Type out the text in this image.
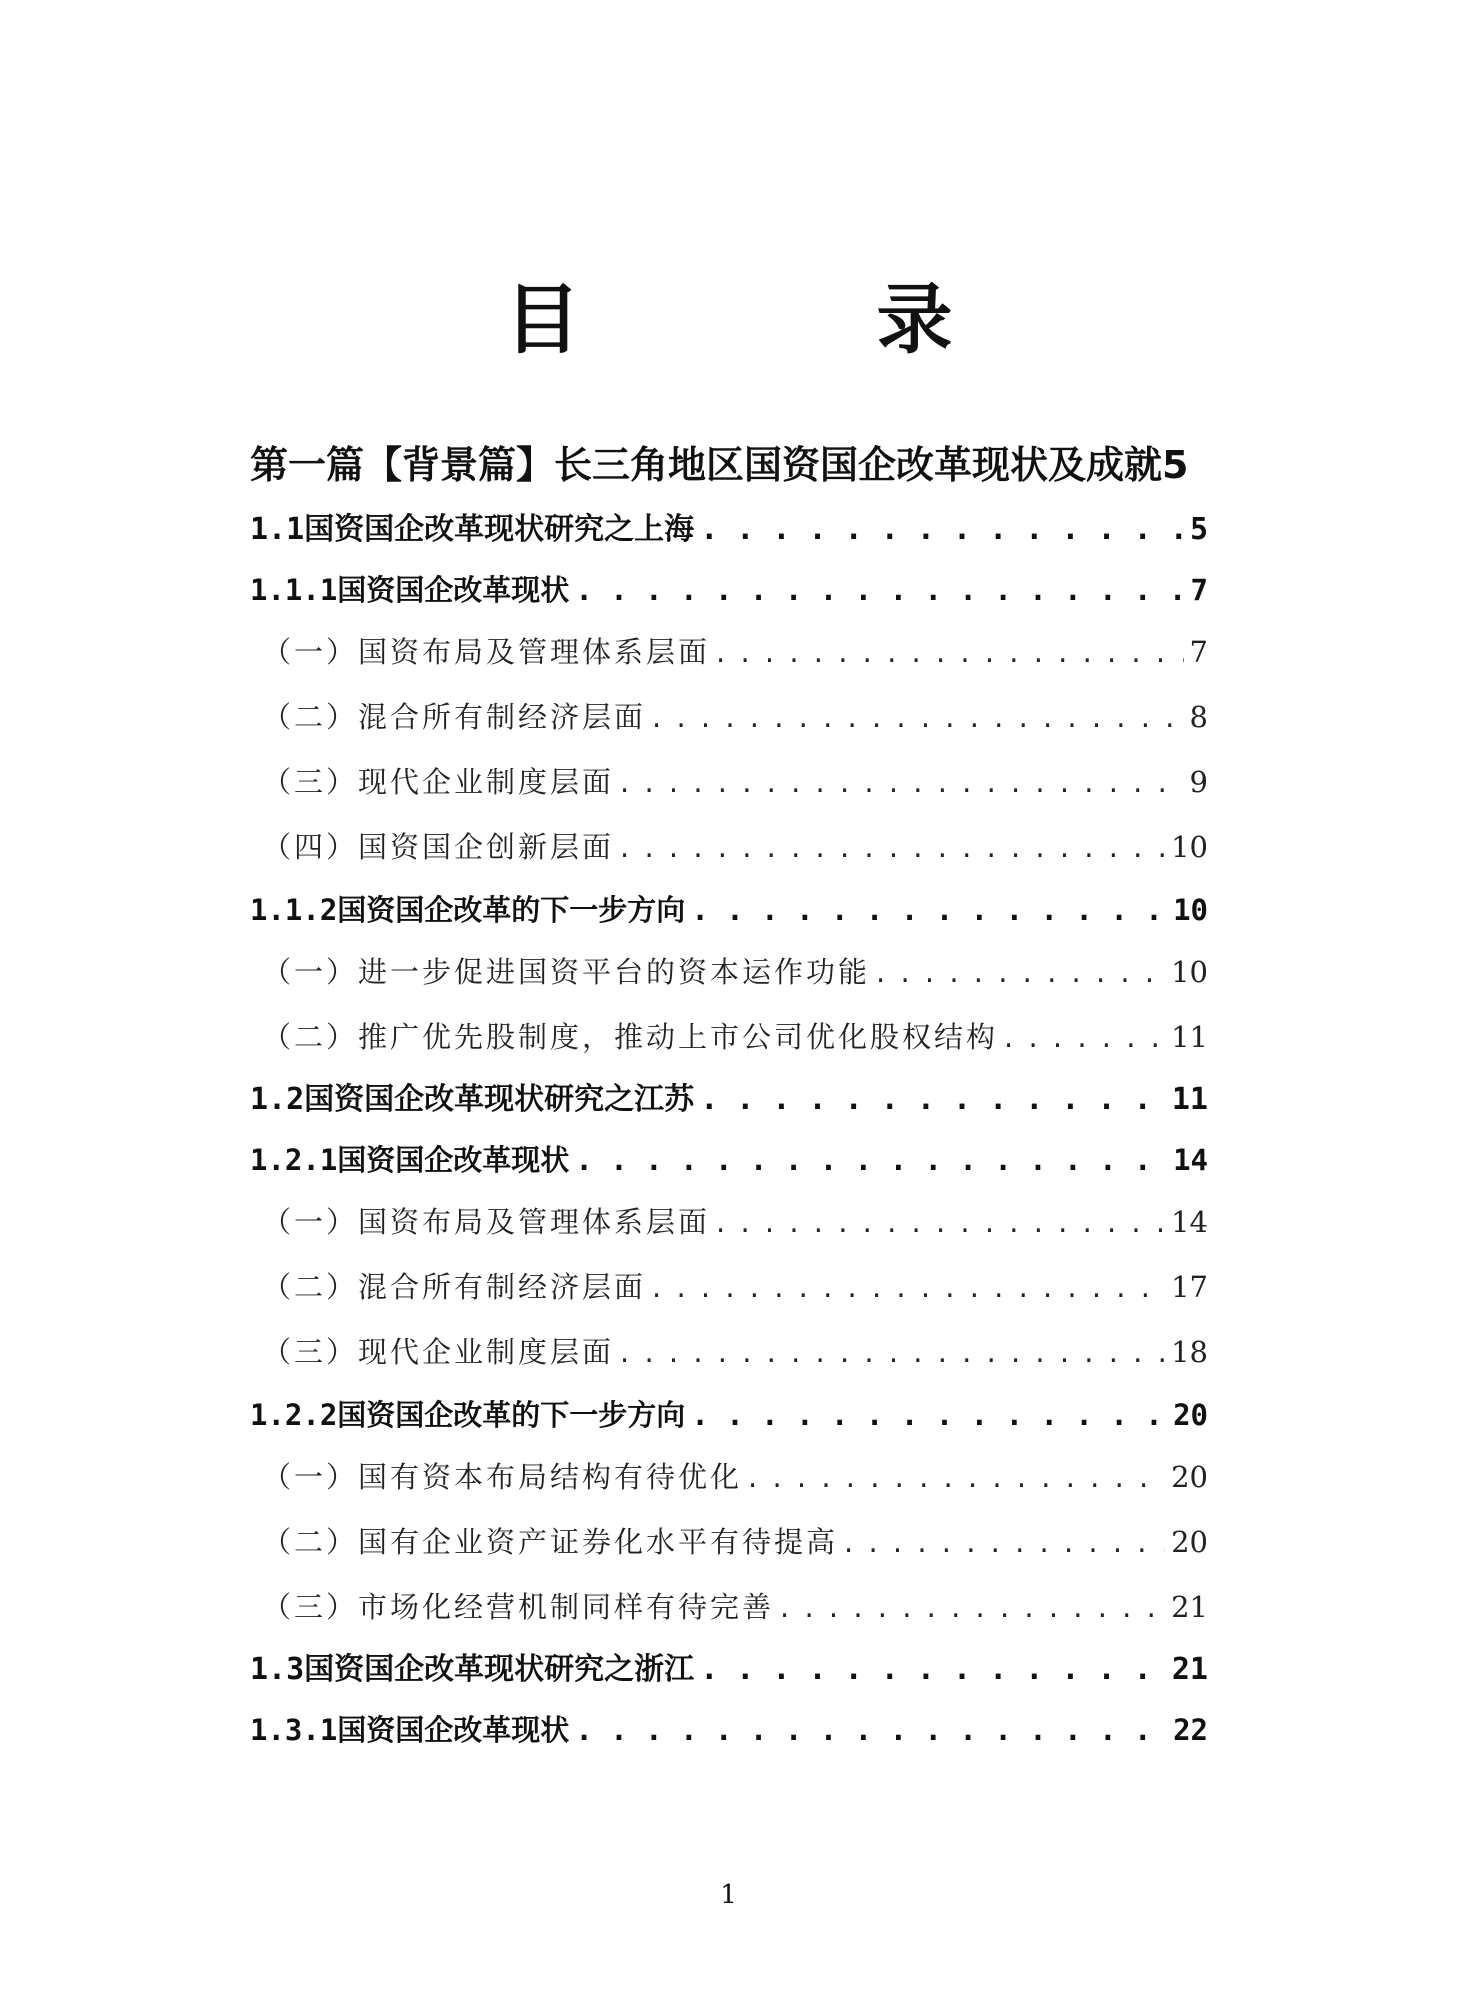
目　录
第一篇【背景篇】长三角地区国资国企改革现状及成就5
1.1国资国企改革现状研究之上海 . . .	5
1.1.1国资国企改革现状 . . .	7
（一）国资布局及管理体系层面 . . .	7
（二）混合所有制经济层面 . . .	8
（三）现代企业制度层面 . . .	9
（四）国资国企创新层面 . . .	10
1.1.2国资国企改革的下一步方向 . . .	10
（一）进一步促进国资平台的资本运作功能 . . .	10
（二）推广优先股制度，推动上市公司优化股权结构 . . .	11
1.2国资国企改革现状研究之江苏 . . .	11
1.2.1国资国企改革现状 . . .	14
（一）国资布局及管理体系层面 . . .	14
（二）混合所有制经济层面 . . .	17
（三）现代企业制度层面 . . .	18
1.2.2国资国企改革的下一步方向 . . .	20
（一）国有资本布局结构有待优化 . . .	20
（二）国有企业资产证券化水平有待提高 . . .	20
（三）市场化经营机制同样有待完善 . . .	21
1.3国资国企改革现状研究之浙江 . . .	21
1.3.1国资国企改革现状 . . .	22
1
